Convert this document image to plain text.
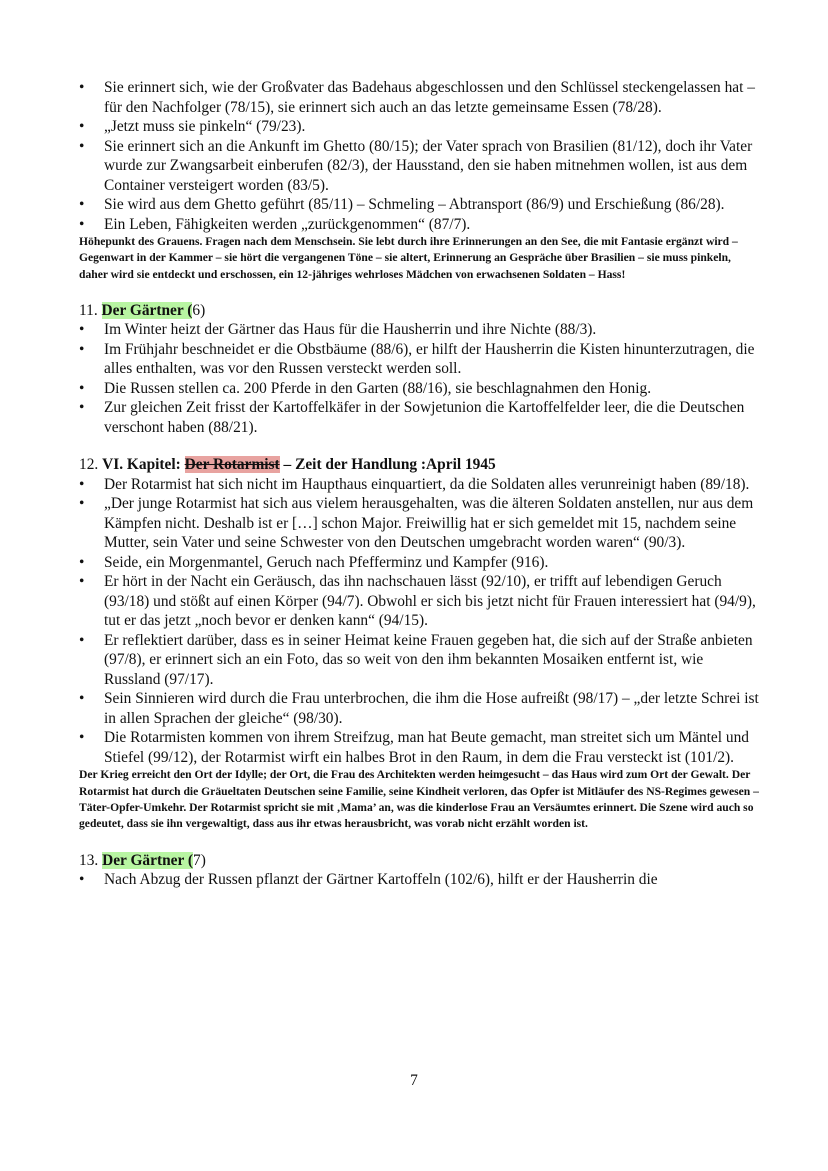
• Sie erinnert sich, wie der Großvater das Badehaus abgeschlossen und den Schlüssel steckengelassen hat – für den Nachfolger (78/15), sie erinnert sich auch an das letzte gemeinsame Essen (78/28).
• „Jetzt muss sie pinkeln“ (79/23).
• Sie erinnert sich an die Ankunft im Ghetto (80/15); der Vater sprach von Brasilien (81/12), doch ihr Vater wurde zur Zwangsarbeit einberufen (82/3), der Hausstand, den sie haben mitnehmen wollen, ist aus dem Container versteigert worden (83/5).
• Sie wird aus dem Ghetto geführt (85/11) – Schmeling – Abtransport (86/9) und Erschießung (86/28).
• Ein Leben, Fähigkeiten werden „zurückgenommen“ (87/7).

Höhepunkt des Grauens. Fragen nach dem Menschsein. Sie lebt durch ihre Erinnerungen an den See, die mit Fantasie ergänzt wird – Gegenwart in der Kammer – sie hört die vergangenen Töne – sie altert, Erinnerung an Gespräche über Brasilien – sie muss pinkeln, daher wird sie entdeckt und erschossen, ein 12-jähriges wehrloses Mädchen von erwachsenen Soldaten – Hass!

11. Der Gärtner (6)

• Im Winter heizt der Gärtner das Haus für die Hausherrin und ihre Nichte (88/3).
• Im Frühjahr beschneidet er die Obstbäume (88/6), er hilft der Hausherrin die Kisten hinunterzutragen, die alles enthalten, was vor den Russen versteckt werden soll.
• Die Russen stellen ca. 200 Pferde in den Garten (88/16), sie beschlagnahmen den Honig.
• Zur gleichen Zeit frisst der Kartoffelkäfer in der Sowjetunion die Kartoffelfelder leer, die die Deutschen verschont haben (88/21).

12. VI. Kapitel: Der Rotarmist – Zeit der Handlung :April 1945

• Der Rotarmist hat sich nicht im Haupthaus einquartiert, da die Soldaten alles verunreinigt haben (89/18).
• „Der junge Rotarmist hat sich aus vielem herausgehalten, was die älteren Soldaten anstellen, nur aus dem Kämpfen nicht. Deshalb ist er […] schon Major. Freiwillig hat er sich gemeldet mit 15, nachdem seine Mutter, sein Vater und seine Schwester von den Deutschen umgebracht worden waren“ (90/3).
• Seide, ein Morgenmantel, Geruch nach Pfefferminz und Kampfer (916).
• Er hört in der Nacht ein Geräusch, das ihn nachschauen lässt (92/10), er trifft auf lebendigen Geruch (93/18) und stößt auf einen Körper (94/7). Obwohl er sich bis jetzt nicht für Frauen interessiert hat (94/9), tut er das jetzt „noch bevor er denken kann“ (94/15).
• Er reflektiert darüber, dass es in seiner Heimat keine Frauen gegeben hat, die sich auf der Straße anbieten (97/8), er erinnert sich an ein Foto, das so weit von den ihm bekannten Mosaiken entfernt ist, wie Russland (97/17).
• Sein Sinnieren wird durch die Frau unterbrochen, die ihm die Hose aufreißt (98/17) – „der letzte Schrei ist in allen Sprachen der gleiche“ (98/30).
• Die Rotarmisten kommen von ihrem Streifzug, man hat Beute gemacht, man streitet sich um Mäntel und Stiefel (99/12), der Rotarmist wirft ein halbes Brot in den Raum, in dem die Frau versteckt ist (101/2).

Der Krieg erreicht den Ort der Idylle; der Ort, die Frau des Architekten werden heimgesucht – das Haus wird zum Ort der Gewalt. Der Rotarmist hat durch die Gräueltaten Deutschen seine Familie, seine Kindheit verloren, das Opfer ist Mitläufer des NS-Regimes gewesen – Täter-Opfer-Umkehr. Der Rotarmist spricht sie mit ‚Mama’ an, was die kinderlose Frau an Versäumtes erinnert. Die Szene wird auch so gedeutet, dass sie ihn vergewaltigt, dass aus ihr etwas herausbricht, was vorab nicht erzählt worden ist.

13. Der Gärtner (7)

• Nach Abzug der Russen pflanzt der Gärtner Kartoffeln (102/6), hilft er der Hausherrin die
7
